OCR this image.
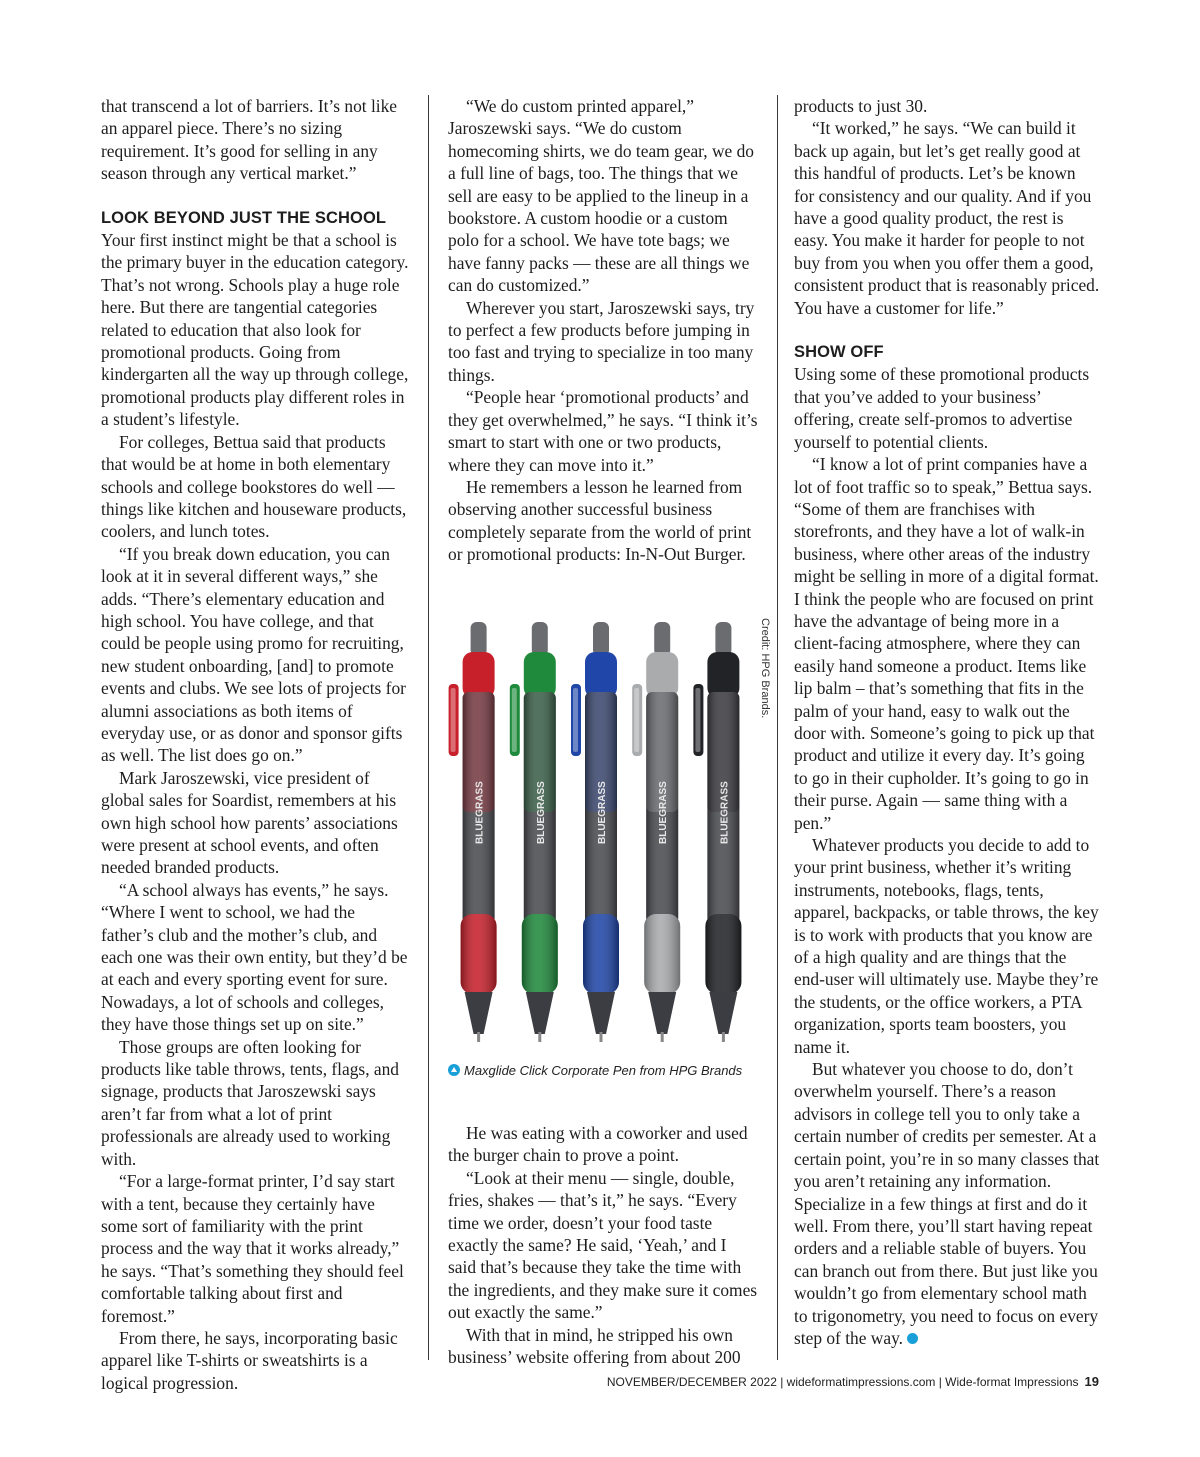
that transcend a lot of barriers. It’s not like an apparel piece. There’s no sizing requirement. It’s good for selling in any season through any vertical market.”

LOOK BEYOND JUST THE SCHOOL

Your first instinct might be that a school is the primary buyer in the education category. That’s not wrong. Schools play a huge role here. But there are tangential categories related to education that also look for promotional products. Going from kindergarten all the way up through college, promotional products play different roles in a student’s lifestyle.

For colleges, Bettua said that products that would be at home in both elementary schools and college bookstores do well — things like kitchen and houseware products, coolers, and lunch totes.

“If you break down education, you can look at it in several different ways,” she adds. “There’s elementary education and high school. You have college, and that could be people using promo for recruiting, new student onboarding, [and] to promote events and clubs. We see lots of projects for alumni associations as both items of everyday use, or as donor and sponsor gifts as well. The list does go on.”

Mark Jaroszewski, vice president of global sales for Soardist, remembers at his own high school how parents’ associations were present at school events, and often needed branded products.

“A school always has events,” he says. “Where I went to school, we had the father’s club and the mother’s club, and each one was their own entity, but they’d be at each and every sporting event for sure. Nowadays, a lot of schools and colleges, they have those things set up on site.”

Those groups are often looking for products like table throws, tents, flags, and signage, products that Jaroszewski says aren’t far from what a lot of print professionals are already used to working with.

“For a large-format printer, I’d say start with a tent, because they certainly have some sort of familiarity with the print process and the way that it works already,” he says. “That’s something they should feel comfortable talking about first and foremost.”

From there, he says, incorporating basic apparel like T-shirts or sweatshirts is a logical progression.

“We do custom printed apparel,” Jaroszewski says. “We do custom homecoming shirts, we do team gear, we do a full line of bags, too. The things that we sell are easy to be applied to the lineup in a bookstore. A custom hoodie or a custom polo for a school. We have tote bags; we have fanny packs — these are all things we can do customized.”

Wherever you start, Jaroszewski says, try to perfect a few products before jumping in too fast and trying to specialize in too many things.

“People hear ‘promotional products’ and they get overwhelmed,” he says. “I think it’s smart to start with one or two products, where they can move into it.”

He remembers a lesson he learned from observing another successful business completely separate from the world of print or promotional products: In-N-Out Burger.

BLUEGRASS	BLUEGRASS	BLUEGRASS	BLUEGRASS	BLUEGRASS
Credit: HPG Brands.
Maxglide Click Corporate Pen from HPG Brands

He was eating with a coworker and used the burger chain to prove a point.

“Look at their menu — single, double, fries, shakes — that’s it,” he says. “Every time we order, doesn’t your food taste exactly the same? He said, ‘Yeah,’ and I said that’s because they take the time with the ingredients, and they make sure it comes out exactly the same.”

With that in mind, he stripped his own business’ website offering from about 200

products to just 30.

“It worked,” he says. “We can build it back up again, but let’s get really good at this handful of products. Let’s be known for consistency and our quality. And if you have a good quality product, the rest is easy. You make it harder for people to not buy from you when you offer them a good, consistent product that is reasonably priced. You have a customer for life.”

SHOW OFF

Using some of these promotional products that you’ve added to your business’ offering, create self-promos to advertise yourself to potential clients.

“I know a lot of print companies have a lot of foot traffic so to speak,” Bettua says. “Some of them are franchises with storefronts, and they have a lot of walk-in business, where other areas of the industry might be selling in more of a digital format. I think the people who are focused on print have the advantage of being more in a client-facing atmosphere, where they can easily hand someone a product. Items like lip balm – that’s something that fits in the palm of your hand, easy to walk out the door with. Someone’s going to pick up that product and utilize it every day. It’s going to go in their cupholder. It’s going to go in their purse. Again — same thing with a pen.”

Whatever products you decide to add to your print business, whether it’s writing instruments, notebooks, flags, tents, apparel, backpacks, or table throws, the key is to work with products that you know are of a high quality and are things that the end-user will ultimately use. Maybe they’re the students, or the office workers, a PTA organization, sports team boosters, you name it.

But whatever you choose to do, don’t overwhelm yourself. There’s a reason advisors in college tell you to only take a certain number of credits per semester. At a certain point, you’re in so many classes that you aren’t retaining any information. Specialize in a few things at first and do it well. From there, you’ll start having repeat orders and a reliable stable of buyers. You can branch out from there. But just like you wouldn’t go from elementary school math to trigonometry, you need to focus on every step of the way.

NOVEMBER/DECEMBER 2022 | wideformatimpressions.com | Wide-format Impressions 19
